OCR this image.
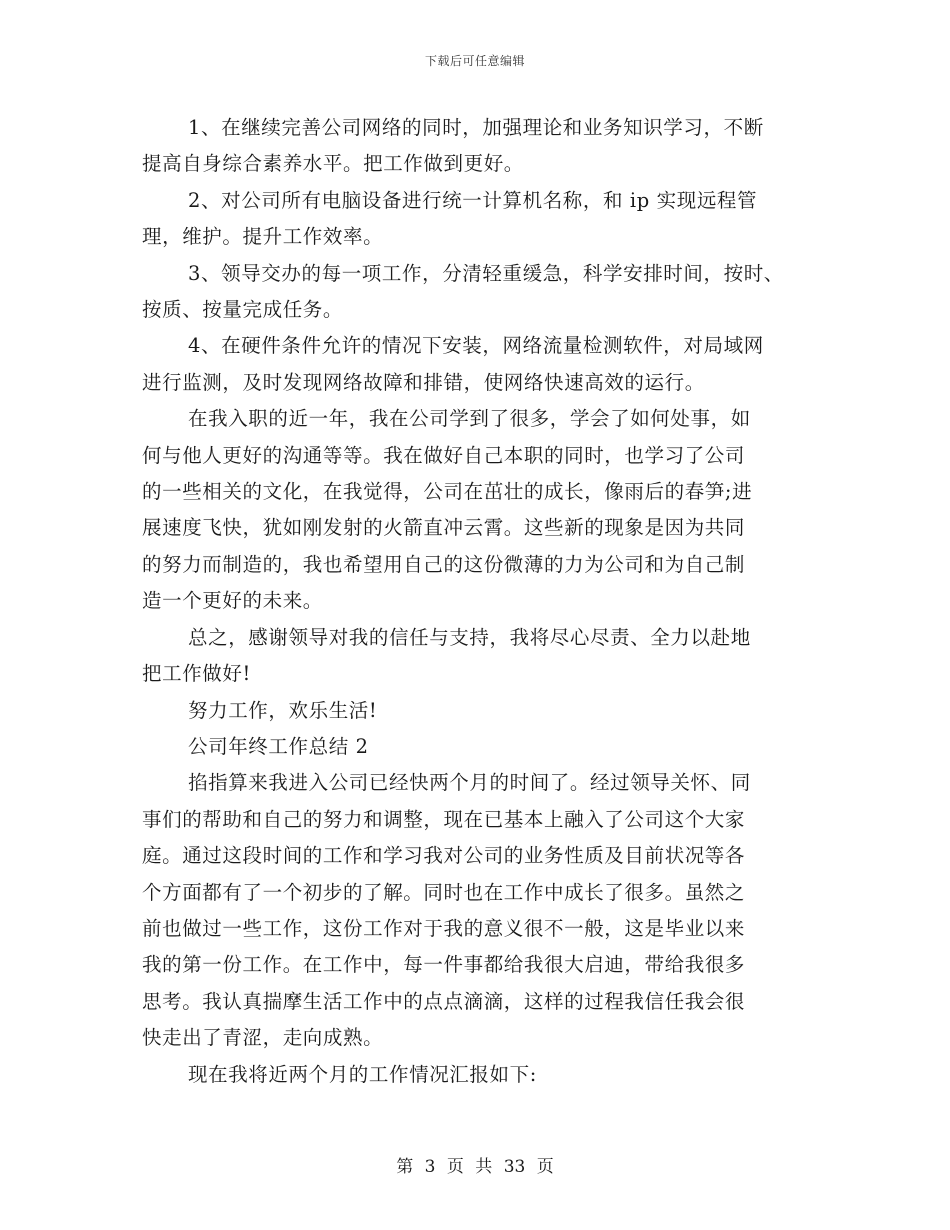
下载后可任意编辑

1、在继续完善公司网络的同时，加强理论和业务知识学习，不断
提高自身综合素养水平。把工作做到更好。

2、对公司所有电脑设备进行统一计算机名称，和 ip 实现远程管
理，维护。提升工作效率。

3、领导交办的每一项工作，分清轻重缓急，科学安排时间，按时、
按质、按量完成任务。

4、在硬件条件允许的情况下安装，网络流量检测软件，对局域网
进行监测，及时发现网络故障和排错，使网络快速高效的运行。

在我入职的近一年，我在公司学到了很多，学会了如何处事，如
何与他人更好的沟通等等。我在做好自己本职的同时，也学习了公司
的一些相关的文化，在我觉得，公司在茁壮的成长，像雨后的春笋;进
展速度飞快，犹如刚发射的火箭直冲云霄。这些新的现象是因为共同
的努力而制造的，我也希望用自己的这份微薄的力为公司和为自己制
造一个更好的未来。

总之，感谢领导对我的信任与支持，我将尽心尽责、全力以赴地
把工作做好!

努力工作，欢乐生活!

公司年终工作总结 2

掐指算来我进入公司已经快两个月的时间了。经过领导关怀、同
事们的帮助和自己的努力和调整，现在已基本上融入了公司这个大家
庭。通过这段时间的工作和学习我对公司的业务性质及目前状况等各
个方面都有了一个初步的了解。同时也在工作中成长了很多。虽然之
前也做过一些工作，这份工作对于我的意义很不一般，这是毕业以来
我的第一份工作。在工作中，每一件事都给我很大启迪，带给我很多
思考。我认真揣摩生活工作中的点点滴滴，这样的过程我信任我会很
快走出了青涩，走向成熟。

现在我将近两个月的工作情况汇报如下:

第 3 页 共 33 页
